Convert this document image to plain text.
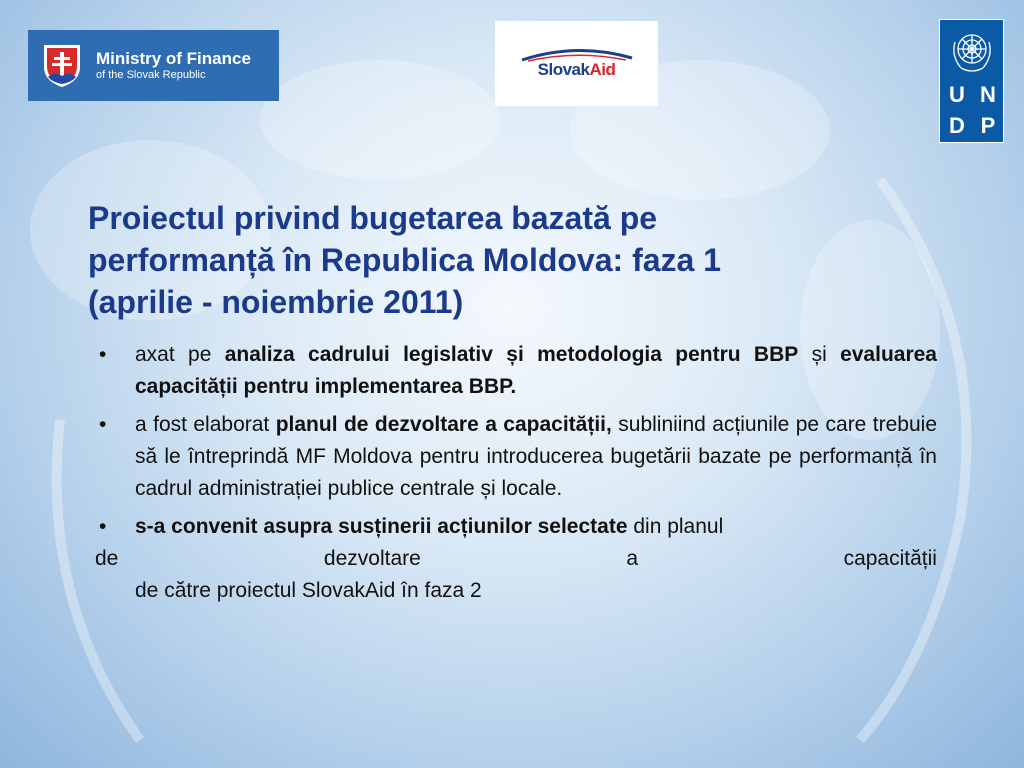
Ministry of Finance
of the Slovak Republic	SlovakAid
U N
D P
Proiectul privind bugetarea bazată pe
performanță în Republica Moldova: faza 1
(aprilie - noiembrie 2011)
• axat pe analiza cadrului legislativ și metodologia pentru BBP și evaluarea capacității pentru implementarea BBP.
• a fost elaborat planul de dezvoltare a capacității, subliniind acțiunile pe care trebuie să le întreprindă MF Moldova pentru introducerea bugetării bazate pe performanță în cadrul administrației publice centrale și locale.
• s-a convenit asupra susținerii acțiunilor selectate din planul
de	dezvoltare	a	capacității
de către proiectul SlovakAid în faza 2
